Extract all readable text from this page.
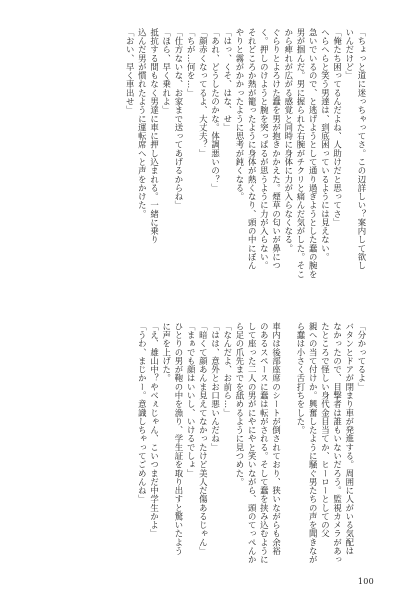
「ちょっと道に迷っちゃってさ。この辺詳しい？案内して欲し
いんだけど」
「俺たち困ってるんだよね、人助けだと思ってさ」
へらへらと笑う男達は、到底困っているようには見えない。
急いでいるので、と逃げようとして通り過ぎようとした蠢の腕を
男が掴んだ。男に握られた右腕がチクリと痛んだ気がした。そこ
から痺れが広がる感覚と同時に身体に力が入らなくなる。
ぐらりとよろけた蠢を男が抱きかかえた。煙草の匂いが鼻につ
く。押しのけようと腕を突っぱるが思うように力が入らない。
それどころか熱が籠ったように身体が熱くなり、頭の中にぼん
やりと霧がかかったように思考が鈍くなる。
「はっ、くそ、はな、せ」
「あれ、どうしたのかな。体調悪いの？」
「顔赤くなってるよ、大丈夫？」
「ちが…何を…」
「仕方ないな、お家まで送ってあげるからね」
「ほら、早く乗れよ」
抵抗する間もなく男達に車に押し込まれる。一緒に乗り
込んだ男が慣れたように運転席へと声をかけた。
「おい、早く車出せ」
「分かってるよ」
バタンとドアが閉まり車が発進する。周囲に人がいる気配は
なかったので、目撃者は誰もいないだろう。監視カメラがあっ
たところで怪しい身代金目当てか、ヒーローとしての父
親への当て付けか。興奮したように騒ぐ男たちの声を聞きなが
ら蠢は小さく舌打ちをした。

車内は後部座席のシートが倒されており、狭いながらも余裕
のあるスペースに蠢は転がされる。そして蠢を挟み込むように
して座った二人の男がにやにやと笑いながら、頭のてっぺんか
ら足の爪先までを舐めるように見つめた。
「なんだよ、お前ら…」
「はは、意外とお口悪いんだね」
「暗くて顔あんま見えてなかったけど美人だ傷あるじゃん」
「まぁでも顔はいいし、いけるでしょ」
ひとりの男が鞄の中を漁り、学生証を取り出すと驚いたよう
に声を上げた。
「え、雄山中？やべぇじゃん、こいつまだ中学生かよ」
「うわ、まじかー。意識しちゃってごめんね」
100
